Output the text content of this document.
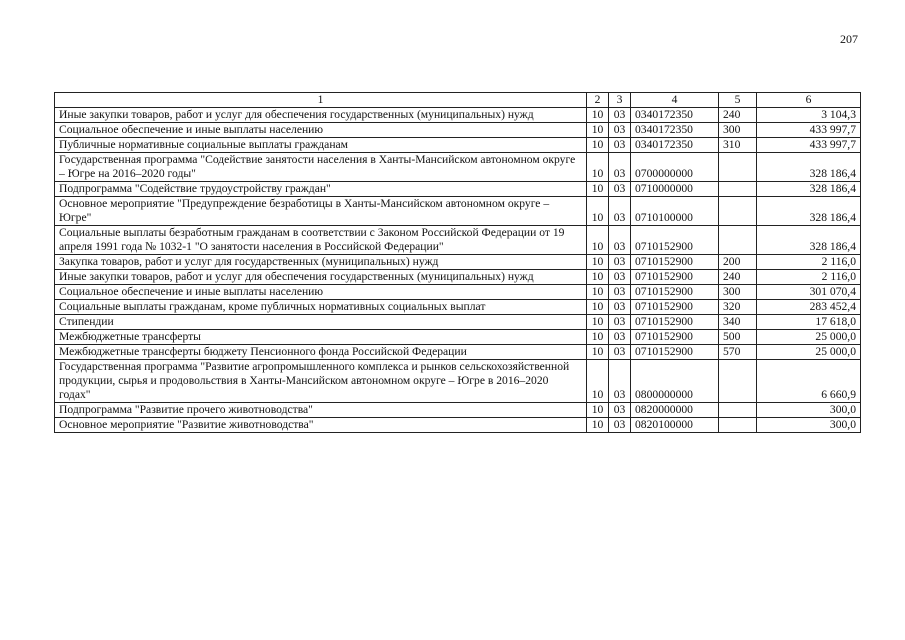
207
1	2	3	4	5	6
Иные закупки товаров, работ и услуг для обеспечения государственных (муниципальных) нужд	10	03	0340172350	240	3 104,3
Социальное обеспечение и иные выплаты населению	10	03	0340172350	300	433 997,7
Публичные нормативные социальные выплаты гражданам	10	03	0340172350	310	433 997,7
Государственная программа "Содействие занятости населения в Ханты-Мансийском автономном округе – Югре на 2016–2020 годы"	10	03	0700000000		328 186,4
Подпрограмма "Содействие трудоустройству граждан"	10	03	0710000000		328 186,4
Основное мероприятие "Предупреждение безработицы в Ханты-Мансийском автономном округе – Югре"	10	03	0710100000		328 186,4
Социальные выплаты безработным гражданам в соответствии с Законом Российской Федерации от 19 апреля 1991 года № 1032-1 "О занятости населения в Российской Федерации"	10	03	0710152900		328 186,4
Закупка товаров, работ и услуг для государственных (муниципальных) нужд	10	03	0710152900	200	2 116,0
Иные закупки товаров, работ и услуг для обеспечения государственных (муниципальных) нужд	10	03	0710152900	240	2 116,0
Социальное обеспечение и иные выплаты населению	10	03	0710152900	300	301 070,4
Социальные выплаты гражданам, кроме публичных нормативных социальных выплат	10	03	0710152900	320	283 452,4
Стипендии	10	03	0710152900	340	17 618,0
Межбюджетные трансферты	10	03	0710152900	500	25 000,0
Межбюджетные трансферты бюджету Пенсионного фонда Российской Федерации	10	03	0710152900	570	25 000,0
Государственная программа "Развитие агропромышленного комплекса и рынков сельскохозяйственной продукции, сырья и продовольствия в Ханты-Мансийском автономном округе – Югре в 2016–2020 годах"	10	03	0800000000		6 660,9
Подпрограмма "Развитие прочего животноводства"	10	03	0820000000		300,0
Основное мероприятие "Развитие животноводства"	10	03	0820100000		300,0
